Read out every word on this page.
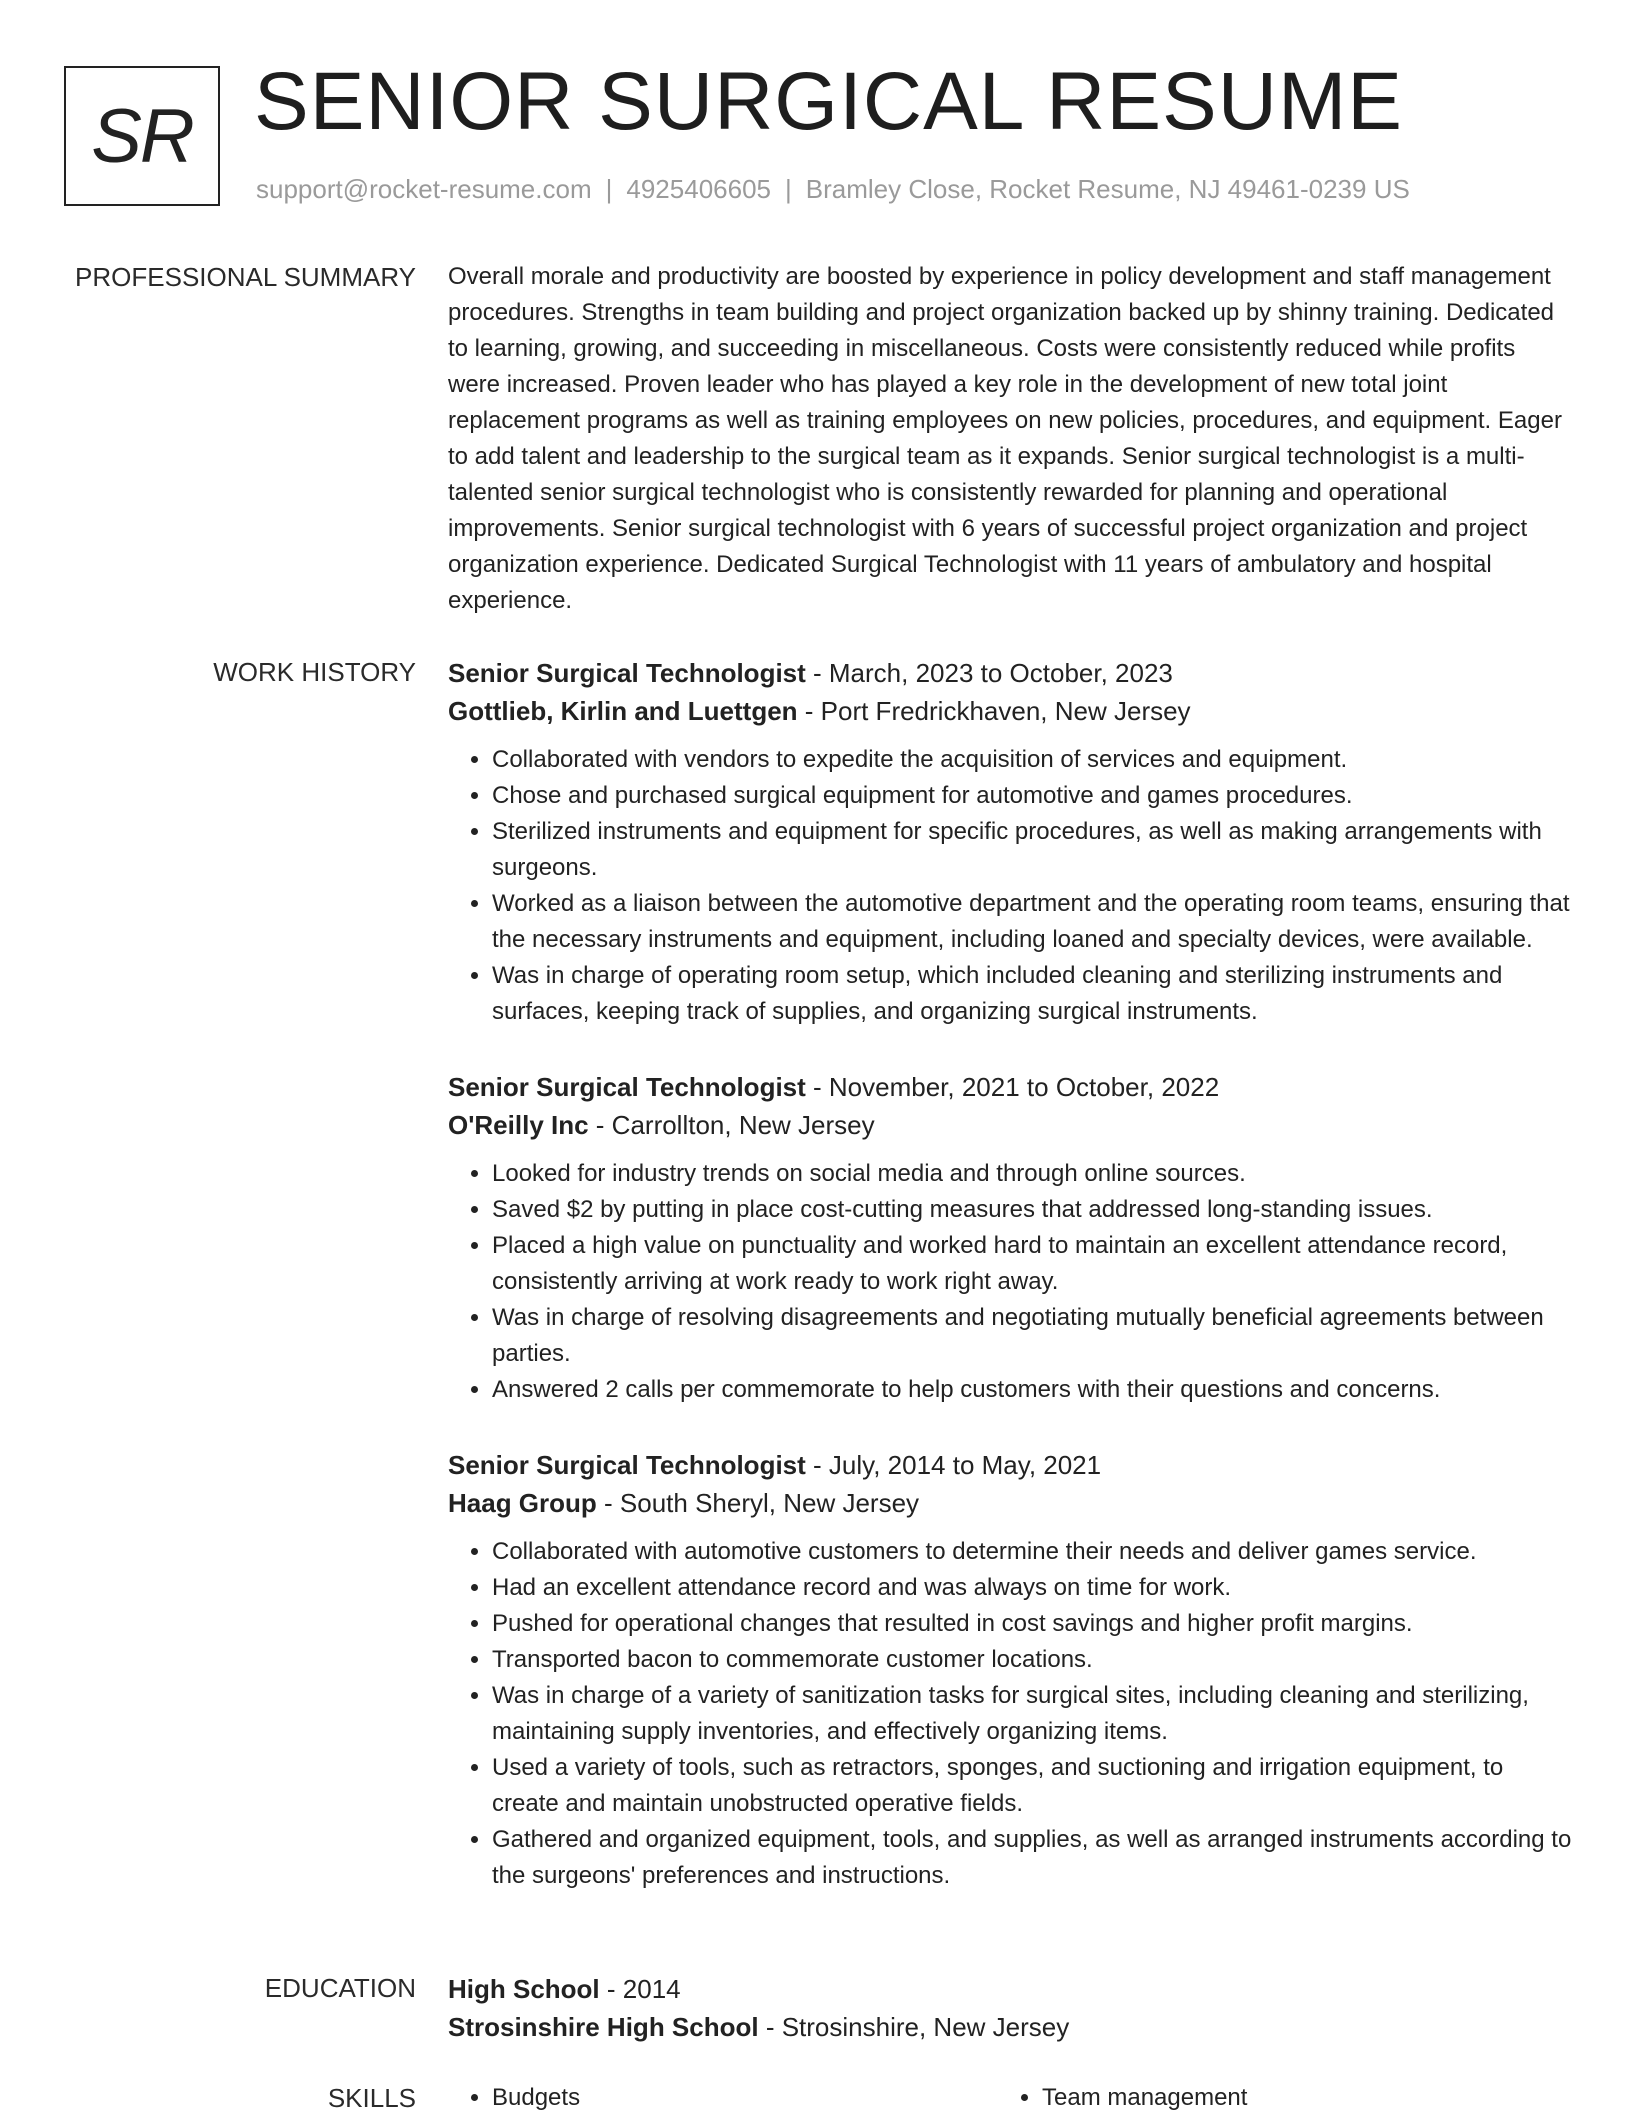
SR SENIOR SURGICAL RESUME
support@rocket-resume.com | 4925406605 | Bramley Close, Rocket Resume, NJ 49461-0239 US
PROFESSIONAL SUMMARY Overall morale and productivity are boosted by experience in policy development and staff management procedures. Strengths in team building and project organization backed up by shinny training. Dedicated to learning, growing, and succeeding in miscellaneous. Costs were consistently reduced while profits were increased. Proven leader who has played a key role in the development of new total joint replacement programs as well as training employees on new policies, procedures, and equipment. Eager to add talent and leadership to the surgical team as it expands. Senior surgical technologist is a multi-talented senior surgical technologist who is consistently rewarded for planning and operational improvements. Senior surgical technologist with 6 years of successful project organization and project organization experience. Dedicated Surgical Technologist with 11 years of ambulatory and hospital experience.

WORK HISTORY Senior Surgical Technologist - March, 2023 to October, 2023
Gottlieb, Kirlin and Luettgen - Port Fredrickhaven, New Jersey
• Collaborated with vendors to expedite the acquisition of services and equipment.
• Chose and purchased surgical equipment for automotive and games procedures.
• Sterilized instruments and equipment for specific procedures, as well as making arrangements with surgeons.
• Worked as a liaison between the automotive department and the operating room teams, ensuring that the necessary instruments and equipment, including loaned and specialty devices, were available.
• Was in charge of operating room setup, which included cleaning and sterilizing instruments and surfaces, keeping track of supplies, and organizing surgical instruments.
Senior Surgical Technologist - November, 2021 to October, 2022
O'Reilly Inc - Carrollton, New Jersey
• Looked for industry trends on social media and through online sources.
• Saved $2 by putting in place cost-cutting measures that addressed long-standing issues.
• Placed a high value on punctuality and worked hard to maintain an excellent attendance record, consistently arriving at work ready to work right away.
• Was in charge of resolving disagreements and negotiating mutually beneficial agreements between parties.
• Answered 2 calls per commemorate to help customers with their questions and concerns.
Senior Surgical Technologist - July, 2014 to May, 2021
Haag Group - South Sheryl, New Jersey
• Collaborated with automotive customers to determine their needs and deliver games service.
• Had an excellent attendance record and was always on time for work.
• Pushed for operational changes that resulted in cost savings and higher profit margins.
• Transported bacon to commemorate customer locations.
• Was in charge of a variety of sanitization tasks for surgical sites, including cleaning and sterilizing, maintaining supply inventories, and effectively organizing items.
• Used a variety of tools, such as retractors, sponges, and suctioning and irrigation equipment, to create and maintain unobstructed operative fields.
• Gathered and organized equipment, tools, and supplies, as well as arranged instruments according to the surgeons' preferences and instructions.
EDUCATION High School - 2014
Strosinshire High School - Strosinshire, New Jersey
SKILLS	• Budgets	• Team management
